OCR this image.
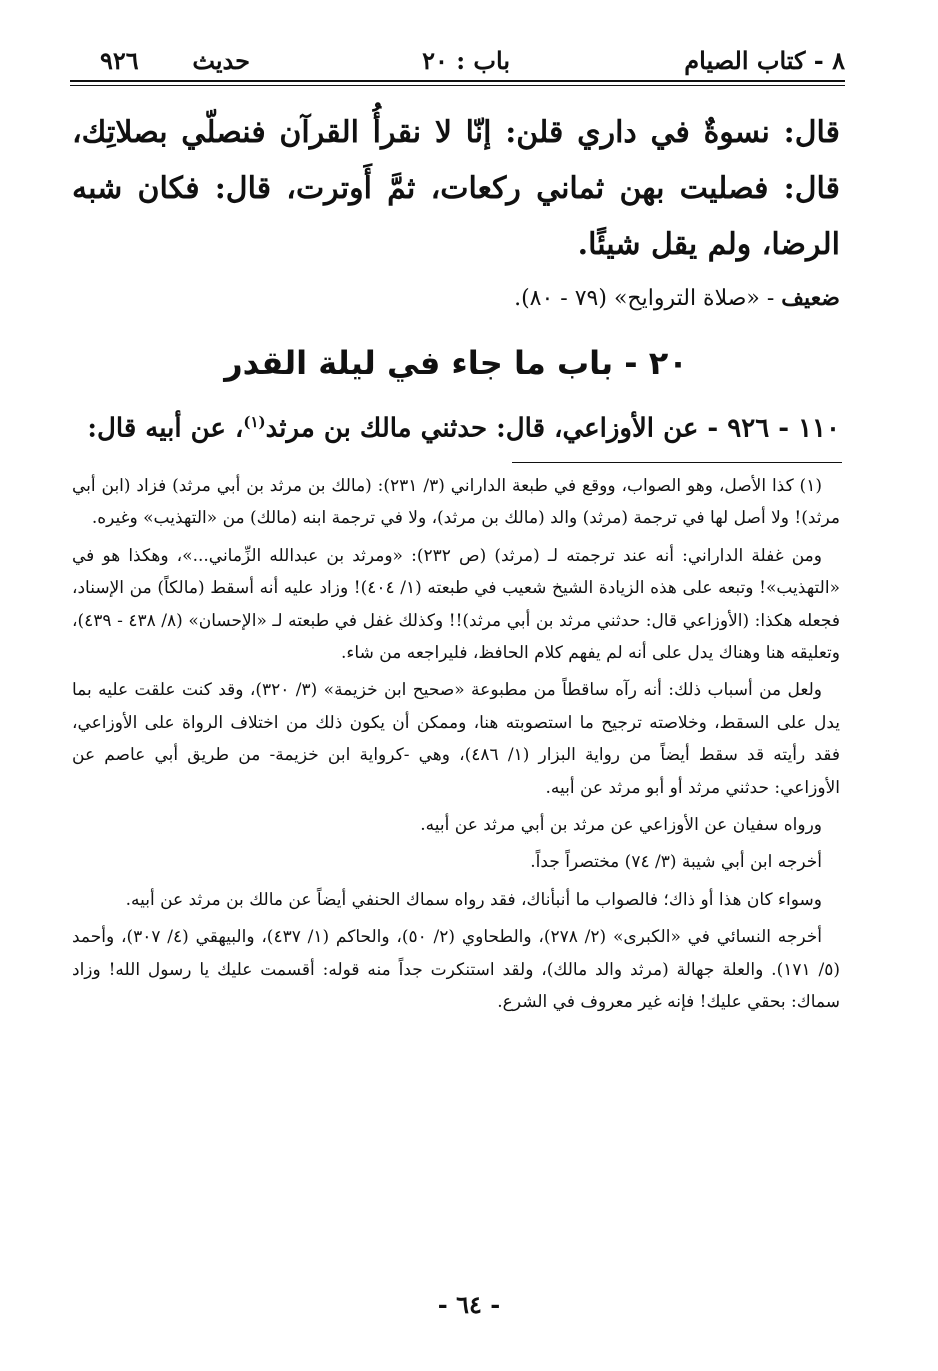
٨ - كتاب الصيام
باب : ٢٠
حديث
٩٢٦

قال: نسوةٌ في داري قلن: إنّا لا نقرأُ القرآن فنصلّي بصلاتِك، قال: فصليت بهن ثماني ركعات، ثمَّ أَوترت، قال: فكان شبه الرضا، ولم يقل شيئًا.

ضعيف - «صلاة التروايح» (٧٩ - ٨٠).
٢٠ - باب ما جاء في ليلة القدر
١١٠ - ٩٢٦ - عن الأوزاعي، قال: حدثني مالك بن مرثد$^{(١)}$، عن أبيه قال:

(١) كذا الأصل، وهو الصواب، ووقع في طبعة الداراني (٣/ ٢٣١): (مالك بن مرثد بن أبي مرثد) فزاد (ابن أبي مرثد)! ولا أصل لها في ترجمة (مرثد) والد (مالك بن مرثد)، ولا في ترجمة ابنه (مالك) من «التهذيب» وغيره.

ومن غفلة الداراني: أنه عند ترجمته لـ (مرثد) (ص ٢٣٢): «ومرثد بن عبدالله الزِّماني...»، وهكذا هو في «التهذيب»! وتبعه على هذه الزيادة الشيخ شعيب في طبعته (١/ ٤٠٤)! وزاد عليه أنه أسقط (مالكاً) من الإسناد، فجعله هكذا: (الأوزاعي قال: حدثني مرثد بن أبي مرثد)!! وكذلك غفل في طبعته لـ «الإحسان» (٨/ ٤٣٨ - ٤٣٩)، وتعليقه هنا وهناك يدل على أنه لم يفهم كلام الحافظ، فليراجعه من شاء.

ولعل من أسباب ذلك: أنه رآه ساقطاً من مطبوعة «صحيح ابن خزيمة» (٣/ ٣٢٠)، وقد كنت علقت عليه بما يدل على السقط، وخلاصته ترجيح ما استصوبته هنا، وممكن أن يكون ذلك من اختلاف الرواة على الأوزاعي، فقد رأيته قد سقط أيضاً من رواية البزار (١/ ٤٨٦)، وهي -كرواية ابن خزيمة- من طريق أبي عاصم عن الأوزاعي: حدثني مرثد أو أبو مرثد عن أبيه.

ورواه سفيان عن الأوزاعي عن مرثد بن أبي مرثد عن أبيه.

أخرجه ابن أبي شيبة (٣/ ٧٤) مختصراً جداً.

وسواء كان هذا أو ذاك؛ فالصواب ما أنبأناك، فقد رواه سماك الحنفي أيضاً عن مالك بن مرثد عن أبيه.

أخرجه النسائي في «الكبرى» (٢/ ٢٧٨)، والطحاوي (٢/ ٥٠)، والحاكم (١/ ٤٣٧)، والبيهقي (٤/ ٣٠٧)، وأحمد (٥/ ١٧١). والعلة جهالة (مرثد والد مالك)، ولقد استنكرت جداً منه قوله: أقسمت عليك يا رسول الله! وزاد سماك: بحقي عليك! فإنه غير معروف في الشرع.

- ٦٤ -
